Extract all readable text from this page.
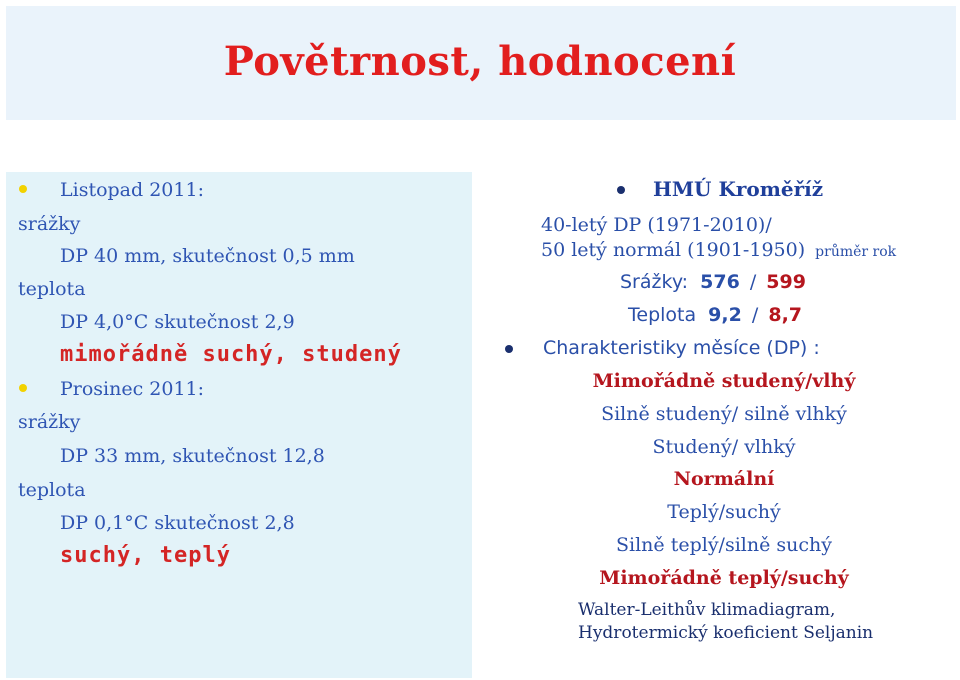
Povětrnost, hodnocení
Listopad 2011:
srážky
DP 40 mm, skutečnost 0,5 mm
teplota
DP 4,0°C skutečnost 2,9
mimořádně suchý, studený
Prosinec 2011:
srážky
DP 33 mm, skutečnost 12,8
teplota
DP 0,1°C skutečnost 2,8
suchý, teplý
HMÚ Kroměříž
40-letý DP (1971-2010)/
50 letý normál (1901-1950) průměr rok
Srážky: 576 / 599
Teplota 9,2 / 8,7
Charakteristiky měsíce (DP) :
Mimořádně studený/vlhý
Silně studený/ silně vlhký
Studený/ vlhký
Normální
Teplý/suchý
Silně teplý/silně suchý
Mimořádně teplý/suchý
Walter-Leithův klimadiagram,
Hydrotermický koeficient Seljanin
